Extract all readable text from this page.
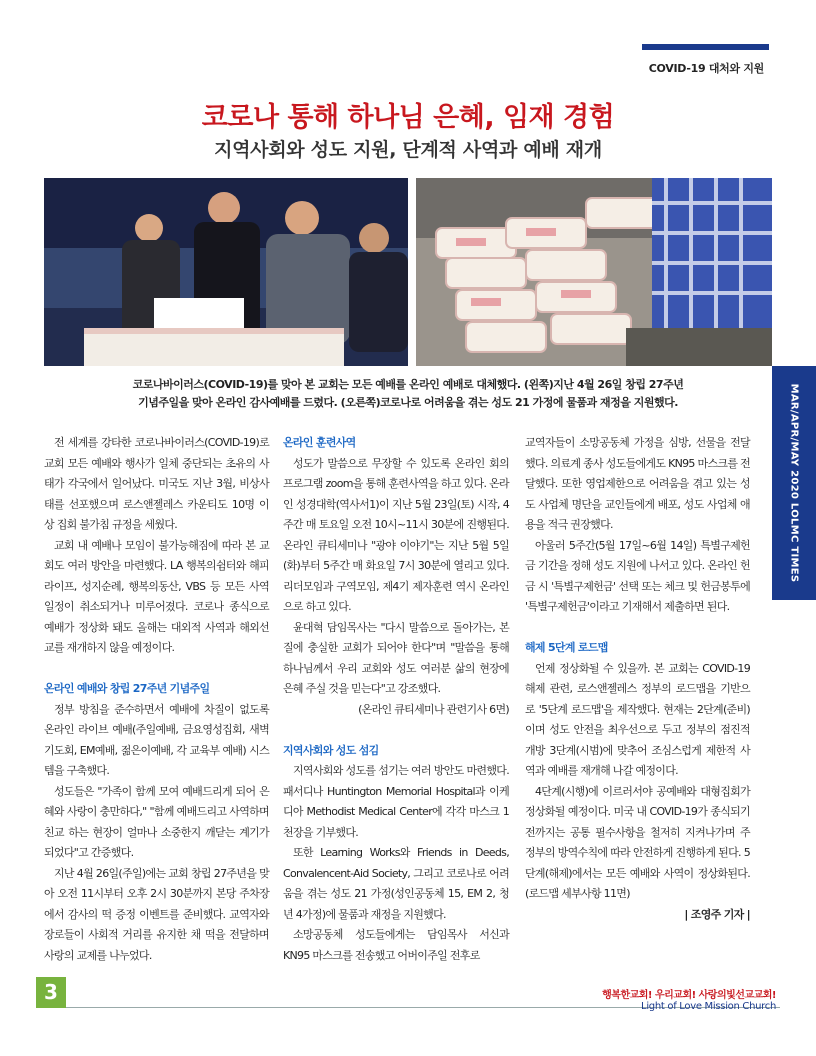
COVID-19 대처와 지원
코로나 통해 하나님 은혜, 임재 경험
지역사회와 성도 지원, 단계적 사역과 예배 재개
코로나바이러스(COVID-19)를 맞아 본 교회는 모든 예배를 온라인 예배로 대체했다. (왼쪽)지난 4월 26일 창립 27주년
기념주일을 맞아 온라인 감사예배를 드렸다. (오른쪽)코로나로 어려움을 겪는 성도 21 가정에 물품과 재정을 지원했다.

전 세계를 강타한 코로나바이러스(COVID-19)로 교회 모든 예배와 행사가 일체 중단되는 초유의 사태가 각국에서 일어났다. 미국도 지난 3월, 비상사태를 선포했으며 로스앤젤레스 카운티도 10명 이상 집회 불가침 규정을 세웠다.

교회 내 예배나 모임이 불가능해짐에 따라 본 교회도 여러 방안을 마련했다. LA 행복의쉼터와 해피라이프, 성지순례, 행복의동산, VBS 등 모든 사역 일정이 취소되거나 미루어졌다. 코로나 종식으로 예배가 정상화 돼도 올해는 대외적 사역과 해외선교를 재개하지 않을 예정이다.

온라인 예배와 창립 27주년 기념주일

정부 방침을 준수하면서 예배에 차질이 없도록 온라인 라이브 예배(주일예배, 금요영성집회, 새벽기도회, EM예배, 젊은이예배, 각 교육부 예배) 시스템을 구축했다.

성도들은 "가족이 함께 모여 예배드리게 되어 은혜와 사랑이 충만하다," "함께 예배드리고 사역하며 친교 하는 현장이 얼마나 소중한지 깨닫는 계기가 되었다"고 간증했다.

지난 4월 26일(주일)에는 교회 창립 27주년을 맞아 오전 11시부터 오후 2시 30분까지 본당 주차장에서 감사의 떡 증정 이벤트를 준비했다. 교역자와 장로들이 사회적 거리를 유지한 채 떡을 전달하며 사랑의 교제를 나누었다.

온라인 훈련사역

성도가 말씀으로 무장할 수 있도록 온라인 회의 프로그램 zoom을 통해 훈련사역을 하고 있다. 온라인 성경대학(역사서1)이 지난 5월 23일(토) 시작, 4주간 매 토요일 오전 10시~11시 30분에 진행된다. 온라인 큐티세미나 "광야 이야기"는 지난 5월 5일(화)부터 5주간 매 화요일 7시 30분에 열리고 있다. 리더모임과 구역모임, 제4기 제자훈련 역시 온라인으로 하고 있다.

윤대혁 담임목사는 "다시 말씀으로 돌아가는, 본질에 충실한 교회가 되어야 한다"며 "말씀을 통해 하나님께서 우리 교회와 성도 여러분 삶의 현장에 은혜 주실 것을 믿는다"고 강조했다.

(온라인 큐티세미나 관련기사 6면)

지역사회와 성도 섬김

지역사회와 성도를 섬기는 여러 방안도 마련했다. 패서디나 Huntington Memorial Hospital과 이케디아 Methodist Medical Center에 각각 마스크 1천장을 기부했다.

또한 Learning Works와 Friends in Deeds, Convalencent-Aid Society, 그리고 코로나로 어려움을 겪는 성도 21 가정(성인공동체 15, EM 2, 청년 4가정)에 물품과 재정을 지원했다.

소망공동체 성도들에게는 담임목사 서신과 KN95 마스크를 전송했고 어버이주일 전후로

교역자들이 소망공동체 가정을 심방, 선물을 전달했다. 의료계 종사 성도들에게도 KN95 마스크를 전달했다. 또한 영업제한으로 어려움을 겪고 있는 성도 사업체 명단을 교인들에게 배포, 성도 사업체 애용을 적극 권장했다.

아울러 5주간(5월 17일~6월 14일) 특별구제헌금 기간을 정해 성도 지원에 나서고 있다. 온라인 헌금 시 '특별구제헌금' 선택 또는 체크 및 헌금봉투에 '특별구제헌금'이라고 기재해서 제출하면 된다.

해제 5단계 로드맵

언제 정상화될 수 있을까. 본 교회는 COVID-19 해제 관련, 로스앤젤레스 정부의 로드맵을 기반으로 '5단계 로드맵'을 제작했다. 현재는 2단계(준비)이며 성도 안전을 최우선으로 두고 정부의 점진적 개방 3단계(시범)에 맞추어 조심스럽게 제한적 사역과 예배를 재개해 나갈 예정이다.

4단계(시행)에 이르러서야 공예배와 대형집회가 정상화될 예정이다. 미국 내 COVID-19가 종식되기 전까지는 공통 필수사항을 철저히 지켜나가며 주 정부의 방역수칙에 따라 안전하게 진행하게 된다. 5단계(해제)에서는 모든 예배와 사역이 정상화된다. (로드맵 세부사항 11면)

| 조영주 기자 |

MAR/APR/MAY 2020 LOLMC TIMES
3	행복한교회! 우리교회! 사랑의빛선교교회!
Light of Love Mission Church
